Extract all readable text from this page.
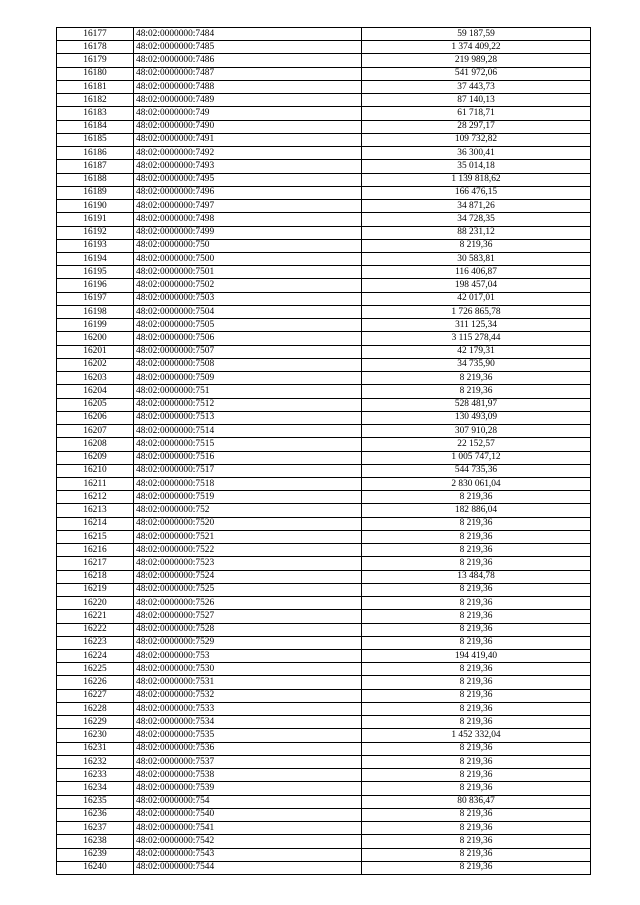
16177	48:02:0000000:7484	59 187,59
16178	48:02:0000000:7485	1 374 409,22
16179	48:02:0000000:7486	219 989,28
16180	48:02:0000000:7487	541 972,06
16181	48:02:0000000:7488	37 443,73
16182	48:02:0000000:7489	87 140,13
16183	48:02:0000000:749	61 718,71
16184	48:02:0000000:7490	28 297,17
16185	48:02:0000000:7491	109 732,82
16186	48:02:0000000:7492	36 300,41
16187	48:02:0000000:7493	35 014,18
16188	48:02:0000000:7495	1 139 818,62
16189	48:02:0000000:7496	166 476,15
16190	48:02:0000000:7497	34 871,26
16191	48:02:0000000:7498	34 728,35
16192	48:02:0000000:7499	88 231,12
16193	48:02:0000000:750	8 219,36
16194	48:02:0000000:7500	30 583,81
16195	48:02:0000000:7501	116 406,87
16196	48:02:0000000:7502	198 457,04
16197	48:02:0000000:7503	42 017,01
16198	48:02:0000000:7504	1 726 865,78
16199	48:02:0000000:7505	311 125,34
16200	48:02:0000000:7506	3 115 278,44
16201	48:02:0000000:7507	42 179,31
16202	48:02:0000000:7508	34 735,90
16203	48:02:0000000:7509	8 219,36
16204	48:02:0000000:751	8 219,36
16205	48:02:0000000:7512	528 481,97
16206	48:02:0000000:7513	130 493,09
16207	48:02:0000000:7514	307 910,28
16208	48:02:0000000:7515	22 152,57
16209	48:02:0000000:7516	1 005 747,12
16210	48:02:0000000:7517	544 735,36
16211	48:02:0000000:7518	2 830 061,04
16212	48:02:0000000:7519	8 219,36
16213	48:02:0000000:752	182 886,04
16214	48:02:0000000:7520	8 219,36
16215	48:02:0000000:7521	8 219,36
16216	48:02:0000000:7522	8 219,36
16217	48:02:0000000:7523	8 219,36
16218	48:02:0000000:7524	13 484,78
16219	48:02:0000000:7525	8 219,36
16220	48:02:0000000:7526	8 219,36
16221	48:02:0000000:7527	8 219,36
16222	48:02:0000000:7528	8 219,36
16223	48:02:0000000:7529	8 219,36
16224	48:02:0000000:753	194 419,40
16225	48:02:0000000:7530	8 219,36
16226	48:02:0000000:7531	8 219,36
16227	48:02:0000000:7532	8 219,36
16228	48:02:0000000:7533	8 219,36
16229	48:02:0000000:7534	8 219,36
16230	48:02:0000000:7535	1 452 332,04
16231	48:02:0000000:7536	8 219,36
16232	48:02:0000000:7537	8 219,36
16233	48:02:0000000:7538	8 219,36
16234	48:02:0000000:7539	8 219,36
16235	48:02:0000000:754	80 836,47
16236	48:02:0000000:7540	8 219,36
16237	48:02:0000000:7541	8 219,36
16238	48:02:0000000:7542	8 219,36
16239	48:02:0000000:7543	8 219,36
16240	48:02:0000000:7544	8 219,36
